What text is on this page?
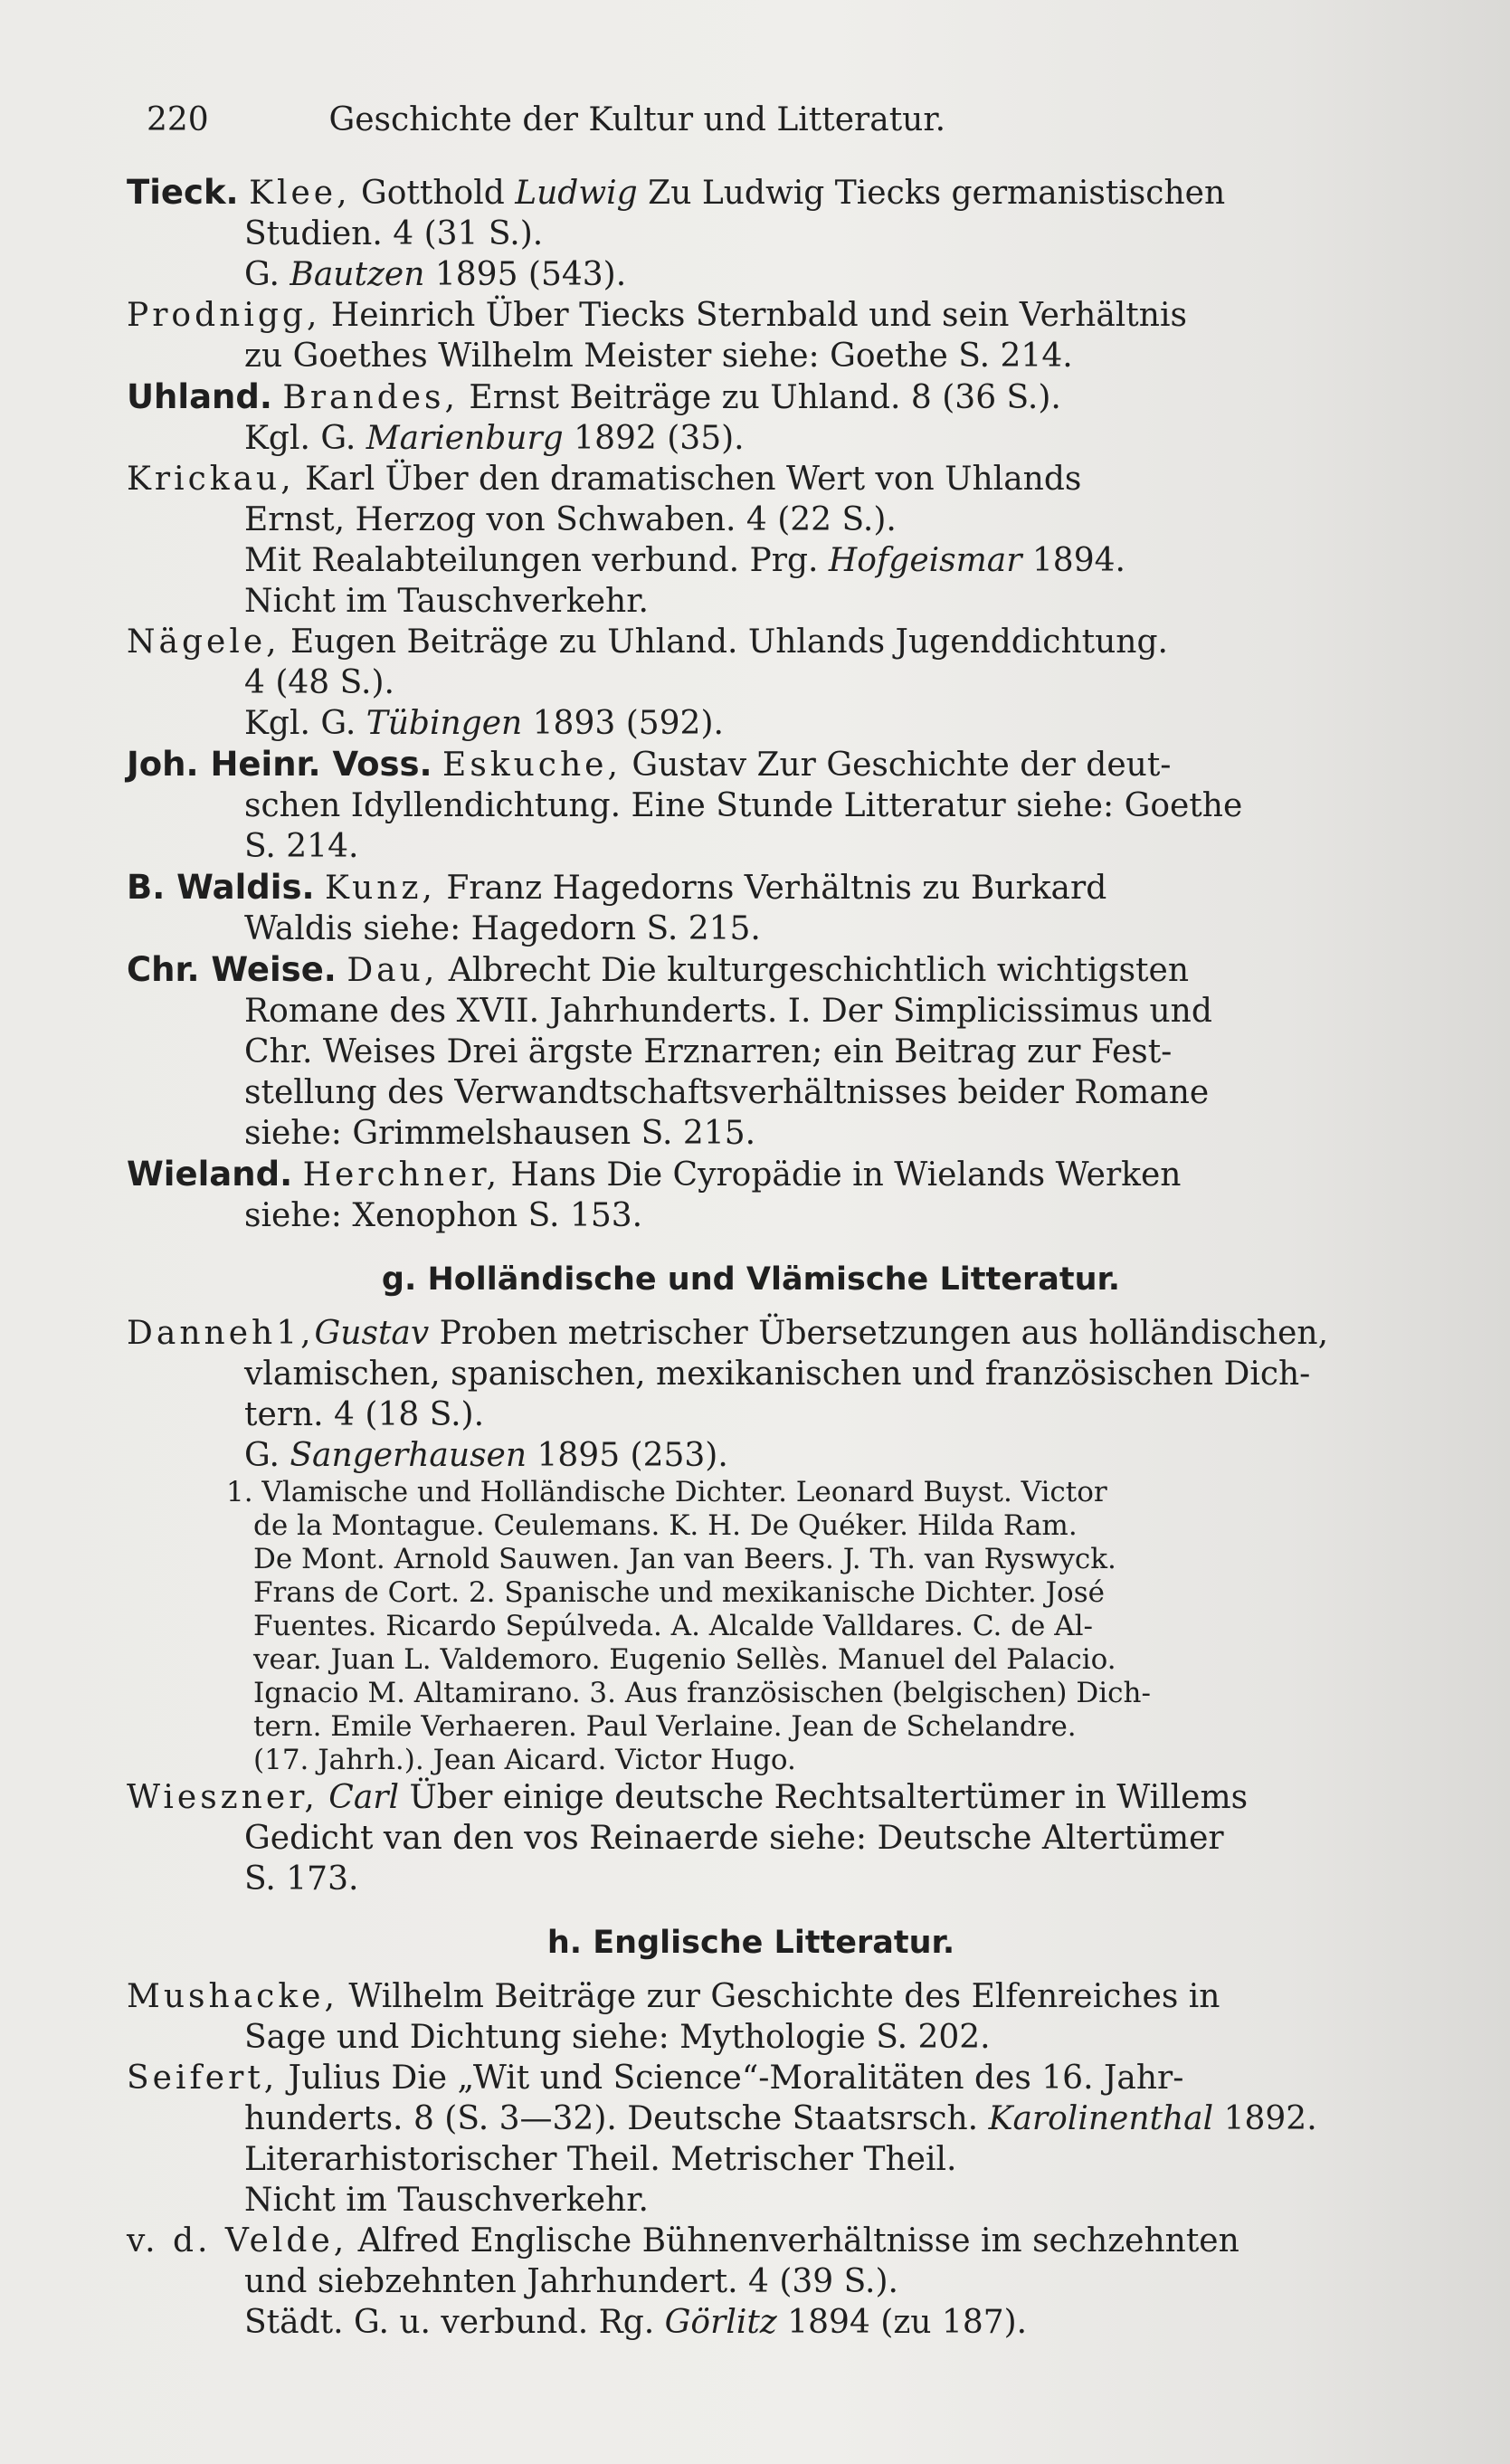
220	Geschichte der Kultur und Litteratur.
Tieck. Klee, Gotthold Ludwig Zu Ludwig Tiecks germanistischen
Studien. 4 (31 S.).
G. Bautzen 1895 (543).
Prodnigg, Heinrich Über Tiecks Sternbald und sein Verhältnis
zu Goethes Wilhelm Meister siehe: Goethe S. 214.
Uhland. Brandes, Ernst Beiträge zu Uhland. 8 (36 S.).
Kgl. G. Marienburg 1892 (35).
Krickau, Karl Über den dramatischen Wert von Uhlands
Ernst, Herzog von Schwaben. 4 (22 S.).
Mit Realabteilungen verbund. Prg. Hofgeismar 1894.
Nicht im Tauschverkehr.
Nägele, Eugen Beiträge zu Uhland. Uhlands Jugenddichtung.
4 (48 S.).
Kgl. G. Tübingen 1893 (592).
Joh. Heinr. Voss. Eskuche, Gustav Zur Geschichte der deut-
schen Idyllendichtung. Eine Stunde Litteratur siehe: Goethe
S. 214.
B. Waldis. Kunz, Franz Hagedorns Verhältnis zu Burkard
Waldis siehe: Hagedorn S. 215.
Chr. Weise. Dau, Albrecht Die kulturgeschichtlich wichtigsten
Romane des XVII. Jahrhunderts. I. Der Simplicissimus und
Chr. Weises Drei ärgste Erznarren; ein Beitrag zur Fest-
stellung des Verwandtschaftsverhältnisses beider Romane
siehe: Grimmelshausen S. 215.
Wieland. Herchner, Hans Die Cyropädie in Wielands Werken
siehe: Xenophon S. 153.
g. Holländische und Vlämische Litteratur.
Danneh1,Gustav Proben metrischer Übersetzungen aus holländischen,
vlamischen, spanischen, mexikanischen und französischen Dich-
tern. 4 (18 S.).
G. Sangerhausen 1895 (253).
1. Vlamische und Holländische Dichter. Leonard Buyst. Victor
de la Montague. Ceulemans. K. H. De Quéker. Hilda Ram.
De Mont. Arnold Sauwen. Jan van Beers. J. Th. van Ryswyck.
Frans de Cort. 2. Spanische und mexikanische Dichter. José
Fuentes. Ricardo Sepúlveda. A. Alcalde Valldares. C. de Al-
vear. Juan L. Valdemoro. Eugenio Sellès. Manuel del Palacio.
Ignacio M. Altamirano. 3. Aus französischen (belgischen) Dich-
tern. Emile Verhaeren. Paul Verlaine. Jean de Schelandre.
(17. Jahrh.). Jean Aicard. Victor Hugo.
Wieszner, Carl Über einige deutsche Rechtsaltertümer in Willems
Gedicht van den vos Reinaerde siehe: Deutsche Altertümer
S. 173.
h. Englische Litteratur.
Mushacke, Wilhelm Beiträge zur Geschichte des Elfenreiches in
Sage und Dichtung siehe: Mythologie S. 202.
Seifert, Julius Die „Wit und Science“-Moralitäten des 16. Jahr-
hunderts. 8 (S. 3—32). Deutsche Staatsrsch. Karolinenthal 1892.
Literarhistorischer Theil. Metrischer Theil.
Nicht im Tauschverkehr.
v. d. Velde, Alfred Englische Bühnenverhältnisse im sechzehnten
und siebzehnten Jahrhundert. 4 (39 S.).
Städt. G. u. verbund. Rg. Görlitz 1894 (zu 187).
